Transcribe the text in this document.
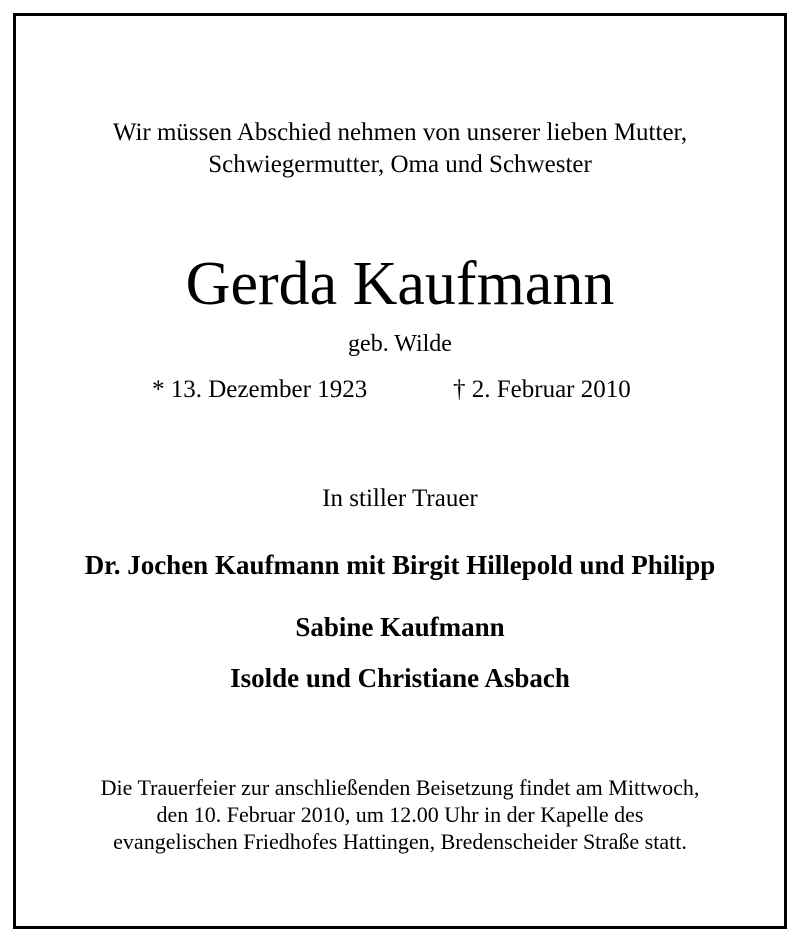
Wir müssen Abschied nehmen von unserer lieben Mutter,
Schwiegermutter, Oma und Schwester
Gerda Kaufmann
geb. Wilde
* 13. Dezember 1923	† 2. Februar 2010
In stiller Trauer
Dr. Jochen Kaufmann mit Birgit Hillepold und Philipp
Sabine Kaufmann
Isolde und Christiane Asbach
Die Trauerfeier zur anschließenden Beisetzung findet am Mittwoch,
den 10. Februar 2010, um 12.00 Uhr in der Kapelle des
evangelischen Friedhofes Hattingen, Bredenscheider Straße statt.
